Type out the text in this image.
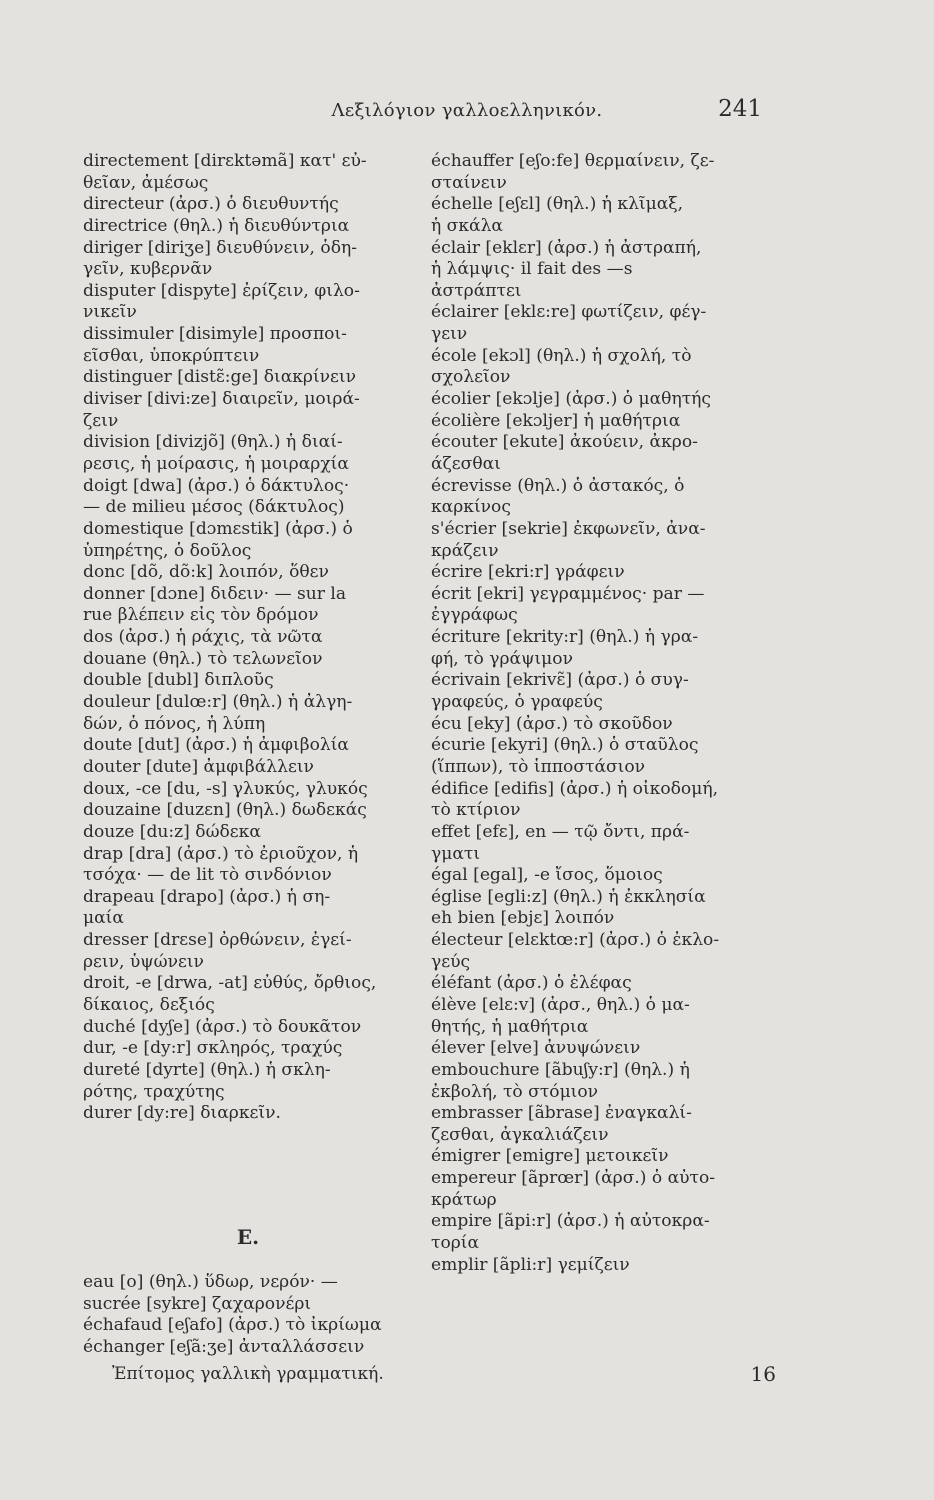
Λεξιλόγιον γαλλοελληνικόν.	241
directement [dirɛktəmã] κατ' εὐ-
θεῖαν, ἀμέσως
directeur (ἀρσ.) ὁ διευθυντής
directrice (θηλ.) ἡ διευθύντρια
diriger [diriʒe] διευθύνειν, ὁδη-
γεῖν, κυβερνᾶν
disputer [dispyte] ἐρίζειν, φιλο-
νικεῖν
dissimuler [disimyle] προσποι-
εῖσθαι, ὑποκρύπτειν
distinguer [distɛ̃:ge] διακρίνειν
diviser [divi:ze] διαιρεῖν, μοιρά-
ζειν
division [divizjõ] (θηλ.) ἡ διαί-
ρεσις, ἡ μοίρασις, ἡ μοιραρχία
doigt [dwa] (ἀρσ.) ὁ δάκτυλος·
— de milieu μέσος (δάκτυλος)
domestique [dɔmɛstik] (ἀρσ.) ὁ
ὑπηρέτης, ὁ δοῦλος
donc [dõ, dõ:k] λοιπόν, ὅθεν
donner [dɔne] διδειν· — sur la
rue βλέπειν εἰς τὸν δρόμον
dos (ἀρσ.) ἡ ράχις, τὰ νῶτα
douane (θηλ.) τὸ τελωνεῖον
double [dubl] διπλοῦς
douleur [dulœ:r] (θηλ.) ἡ ἀλγη-
δών, ὁ πόνος, ἡ λύπη
doute [dut] (ἀρσ.) ἡ ἀμφιβολία
douter [dute] ἀμφιβάλλειν
doux, -ce [du, -s] γλυκύς, γλυκός
douzaine [duzɛn] (θηλ.) δωδεκάς
douze [du:z] δώδεκα
drap [dra] (ἀρσ.) τὸ ἐριοῦχον, ἡ
τσόχα· — de lit τὸ σινδόνιον
drapeau [drapo] (ἀρσ.) ἡ ση-
μαία
dresser [drɛse] ὀρθώνειν, ἐγεί-
ρειν, ὑψώνειν
droit, -e [drwa, -at] εὐθύς, ὄρθιος,
δίκαιος, δεξιός
duché [dyʃe] (ἀρσ.) τὸ δουκᾶτον
dur, -e [dy:r] σκληρός, τραχύς
dureté [dyrte] (θηλ.) ἡ σκλη-
ρότης, τραχύτης
durer [dy:re] διαρκεῖν.
E.
eau [o] (θηλ.) ὕδωρ, νερόν· —
sucrée [sykre] ζαχαρονέρι
échafaud [eʃafo] (ἀρσ.) τὸ ἰκρίωμα
échanger [eʃã:ʒe] ἀνταλλάσσειν
échauffer [eʃo:fe] θερμαίνειν, ζε-
σταίνειν
échelle [eʃɛl] (θηλ.) ἡ κλῖμαξ,
ἡ σκάλα
éclair [eklɛr] (ἀρσ.) ἡ ἀστραπή,
ἡ λάμψις· il fait des —s
ἀστράπτει
éclairer [eklɛ:re] φωτίζειν, φέγ-
γειν
école [ekɔl] (θηλ.) ἡ σχολή, τὸ
σχολεῖον
écolier [ekɔlje] (ἀρσ.) ὁ μαθητής
écolière [ekɔljer] ἡ μαθήτρια
écouter [ekute] ἀκούειν, ἀκρο-
άζεσθαι
écrevisse (θηλ.) ὁ ἀστακός, ὁ
καρκίνος
s'écrier [sekrie] ἐκφωνεῖν, ἀνα-
κράζειν
écrire [ekri:r] γράφειν
écrit [ekri] γεγραμμένος· par —
ἐγγράφως
écriture [ekrity:r] (θηλ.) ἡ γρα-
φή, τὸ γράψιμον
écrivain [ekrivɛ̃] (ἀρσ.) ὁ συγ-
γραφεύς, ὁ γραφεύς
écu [eky] (ἀρσ.) τὸ σκοῦδον
écurie [ekyri] (θηλ.) ὁ σταῦλος
(ἵππων), τὸ ἱπποστάσιον
édifice [edifis] (ἀρσ.) ἡ οἰκοδομή,
τὸ κτίριον
effet [efɛ], en — τῷ ὄντι, πρά-
γματι
égal [egal], -e ἴσος, ὅμοιος
église [egli:z] (θηλ.) ἡ ἐκκλησία
eh bien [ebjɛ] λοιπόν
électeur [elɛktœ:r] (ἀρσ.) ὁ ἐκλο-
γεύς
éléfant (ἀρσ.) ὁ ἐλέφας
élève [elɛ:v] (ἀρσ., θηλ.) ὁ μα-
θητής, ἡ μαθήτρια
élever [elve] ἀνυψώνειν
embouchure [ãbuʃy:r] (θηλ.) ἡ
ἐκβολή, τὸ στόμιον
embrasser [ãbrase] ἐναγκαλί-
ζεσθαι, ἀγκαλιάζειν
émigrer [emigre] μετοικεῖν
empereur [ãprœr] (ἀρσ.) ὁ αὐτο-
κράτωρ
empire [ãpi:r] (ἀρσ.) ἡ αὐτοκρα-
τορία
emplir [ãpli:r] γεμίζειν
Ἐπίτομος γαλλικὴ γραμματική.	16
